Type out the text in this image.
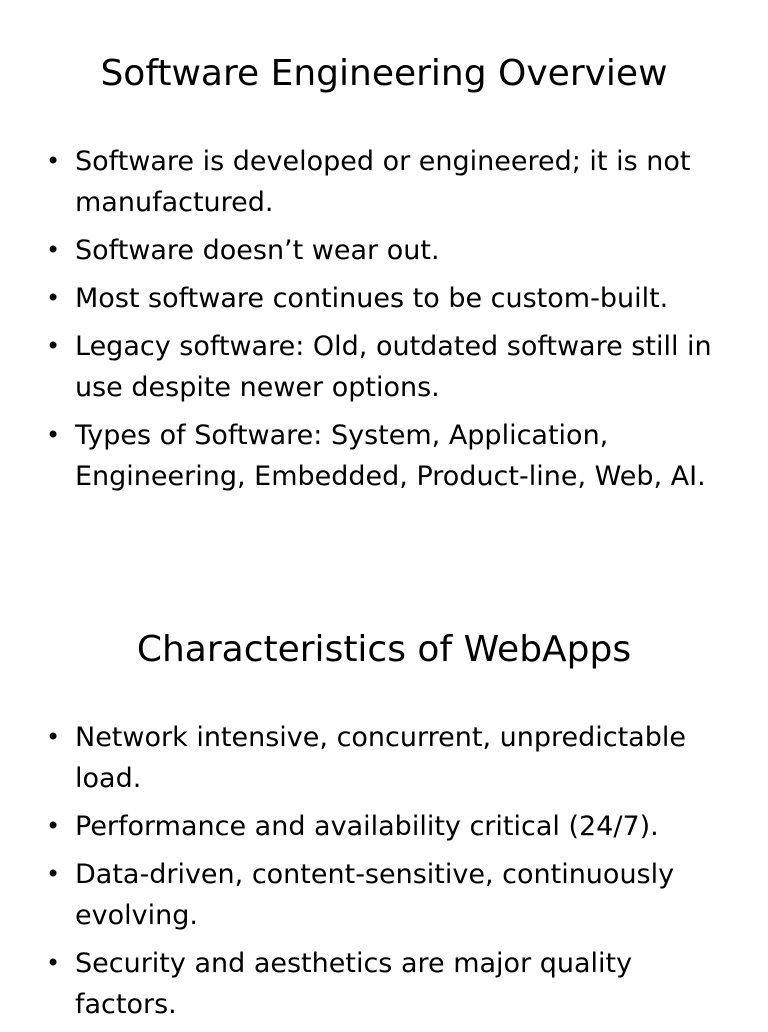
Software Engineering Overview
• Software is developed or engineered; it is not manufactured.
• Software doesn’t wear out.
• Most software continues to be custom-built.
• Legacy software: Old, outdated software still in use despite newer options.
• Types of Software: System, Application, Engineering, Embedded, Product-line, Web, AI.
Characteristics of WebApps
• Network intensive, concurrent, unpredictable load.
• Performance and availability critical (24/7).
• Data-driven, content-sensitive, continuously evolving.
• Security and aesthetics are major quality factors.
